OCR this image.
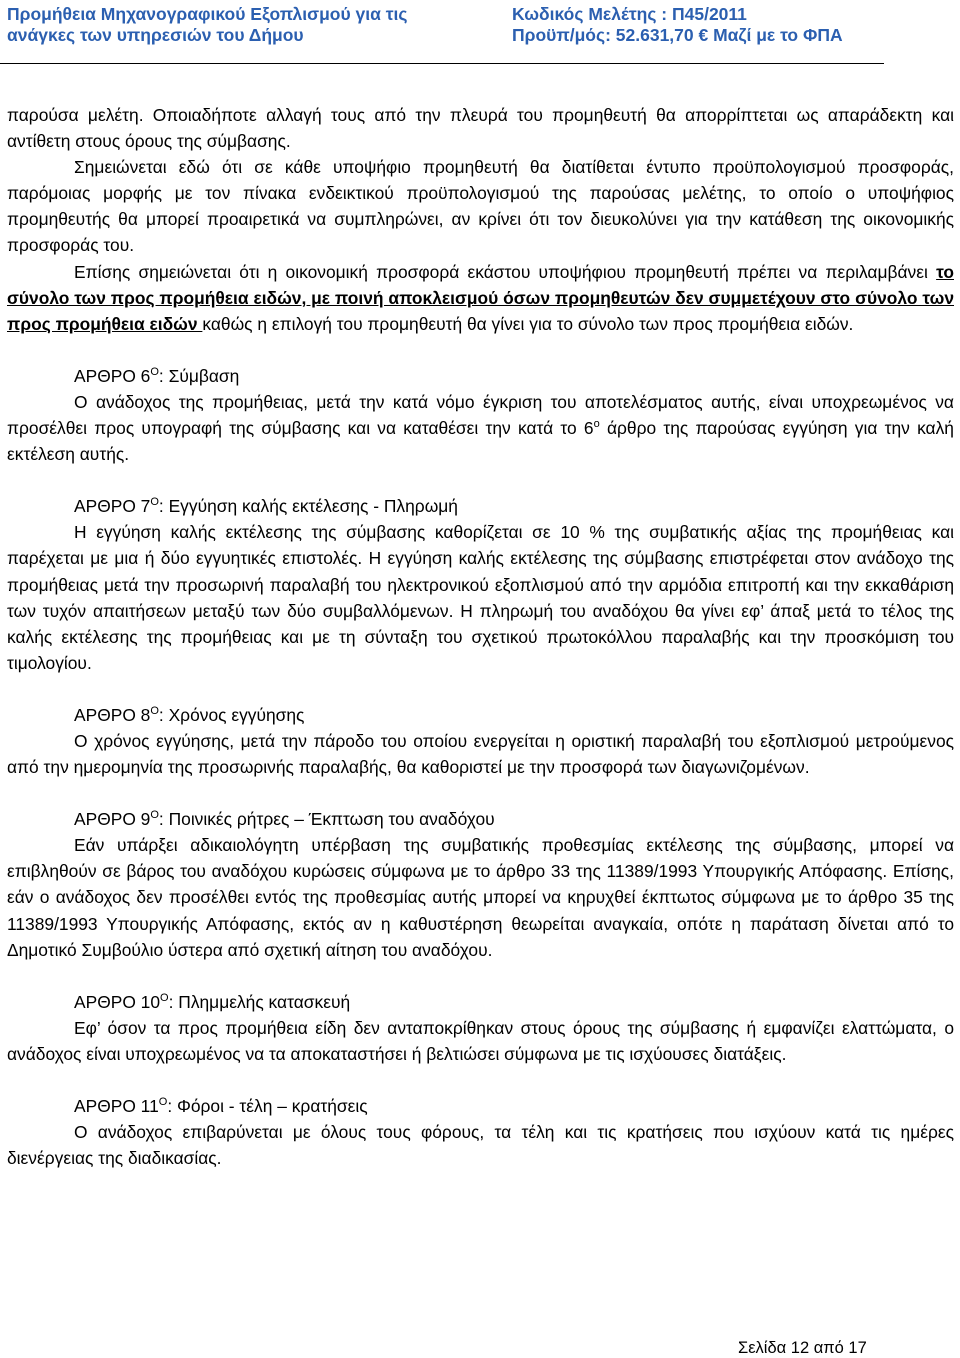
Προμήθεια Μηχανογραφικού Εξοπλισμού για τις
ανάγκες των υπηρεσιών του Δήμου
Κωδικός Μελέτης : Π45/2011
Προϋπ/μός: 52.631,70 € Μαζί με το ΦΠΑ

παρούσα μελέτη. Οποιαδήποτε αλλαγή τους από την πλευρά του προμηθευτή θα απορρίπτεται ως απαράδεκτη και αντίθετη στους όρους της σύμβασης.

Σημειώνεται εδώ ότι σε κάθε υποψήφιο προμηθευτή θα διατίθεται έντυπο προϋπολογισμού προσφοράς, παρόμοιας μορφής με τον πίνακα ενδεικτικού προϋπολογισμού της παρούσας μελέτης, το οποίο ο υποψήφιος προμηθευτής θα μπορεί προαιρετικά να συμπληρώνει, αν κρίνει ότι τον διευκολύνει για την κατάθεση της οικονομικής προσφοράς του.

Επίσης σημειώνεται ότι η οικονομική προσφορά εκάστου υποψήφιου προμηθευτή πρέπει να περιλαμβάνει το σύνολο των προς προμήθεια ειδών, με ποινή αποκλεισμού όσων προμηθευτών δεν συμμετέχουν στο σύνολο των προς προμήθεια ειδών καθώς η επιλογή του προμηθευτή θα γίνει για το σύνολο των προς προμήθεια ειδών.

ΑΡΘΡΟ $6^O$: Σύμβαση

Ο ανάδοχος της προμήθειας, μετά την κατά νόμο έγκριση του αποτελέσματος αυτής, είναι υποχρεωμένος να προσέλθει προς υπογραφή της σύμβασης και να καταθέσει την κατά το $6^o$ άρθρο της παρούσας εγγύηση για την καλή εκτέλεση αυτής.

ΑΡΘΡΟ $7^O$: Εγγύηση καλής εκτέλεσης - Πληρωμή

Η εγγύηση καλής εκτέλεσης της σύμβασης καθορίζεται σε 10 % της συμβατικής αξίας της προμήθειας και παρέχεται με μια ή δύο εγγυητικές επιστολές. Η εγγύηση καλής εκτέλεσης της σύμβασης επιστρέφεται στον ανάδοχο της προμήθειας μετά την προσωρινή παραλαβή του ηλεκτρονικού εξοπλισμού από την αρμόδια επιτροπή και την εκκαθάριση των τυχόν απαιτήσεων μεταξύ των δύο συμβαλλόμενων. Η πληρωμή του αναδόχου θα γίνει εφ’ άπαξ μετά το τέλος της καλής εκτέλεσης της προμήθειας και με τη σύνταξη του σχετικού πρωτοκόλλου παραλαβής και την προσκόμιση του τιμολογίου.

ΑΡΘΡΟ $8^O$: Χρόνος εγγύησης

Ο χρόνος εγγύησης, μετά την πάροδο του οποίου ενεργείται η οριστική παραλαβή του εξοπλισμού μετρούμενος από την ημερομηνία της προσωρινής παραλαβής, θα καθοριστεί με την προσφορά των διαγωνιζομένων.

ΑΡΘΡΟ $9^O$: Ποινικές ρήτρες – Έκπτωση του αναδόχου

Εάν υπάρξει αδικαιολόγητη υπέρβαση της συμβατικής προθεσμίας εκτέλεσης της σύμβασης, μπορεί να επιβληθούν σε βάρος του αναδόχου κυρώσεις σύμφωνα με το άρθρο 33 της 11389/1993 Υπουργικής Απόφασης. Επίσης, εάν ο ανάδοχος δεν προσέλθει εντός της προθεσμίας αυτής μπορεί να κηρυχθεί έκπτωτος σύμφωνα με το άρθρο 35 της 11389/1993 Υπουργικής Απόφασης, εκτός αν η καθυστέρηση θεωρείται αναγκαία, οπότε η παράταση δίνεται από το Δημοτικό Συμβούλιο ύστερα από σχετική αίτηση του αναδόχου.

ΑΡΘΡΟ $10^O$: Πλημμελής κατασκευή

Εφ’ όσον τα προς προμήθεια είδη δεν ανταποκρίθηκαν στους όρους της σύμβασης ή εμφανίζει ελαττώματα, ο ανάδοχος είναι υποχρεωμένος να τα αποκαταστήσει ή βελτιώσει σύμφωνα με τις ισχύουσες διατάξεις.

ΑΡΘΡΟ $11^O$: Φόροι - τέλη – κρατήσεις

Ο ανάδοχος επιβαρύνεται με όλους τους φόρους, τα τέλη και τις κρατήσεις που ισχύουν κατά τις ημέρες διενέργειας της διαδικασίας.

Σελίδα 12 από 17
